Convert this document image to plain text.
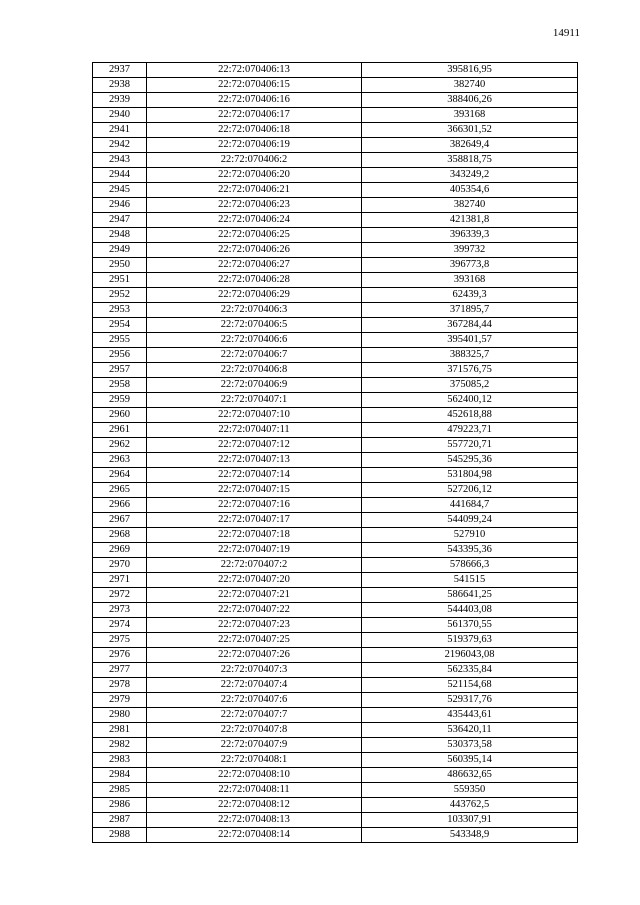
14911
2937	22:72:070406:13	395816,95
2938	22:72:070406:15	382740
2939	22:72:070406:16	388406,26
2940	22:72:070406:17	393168
2941	22:72:070406:18	366301,52
2942	22:72:070406:19	382649,4
2943	22:72:070406:2	358818,75
2944	22:72:070406:20	343249,2
2945	22:72:070406:21	405354,6
2946	22:72:070406:23	382740
2947	22:72:070406:24	421381,8
2948	22:72:070406:25	396339,3
2949	22:72:070406:26	399732
2950	22:72:070406:27	396773,8
2951	22:72:070406:28	393168
2952	22:72:070406:29	62439,3
2953	22:72:070406:3	371895,7
2954	22:72:070406:5	367284,44
2955	22:72:070406:6	395401,57
2956	22:72:070406:7	388325,7
2957	22:72:070406:8	371576,75
2958	22:72:070406:9	375085,2
2959	22:72:070407:1	562400,12
2960	22:72:070407:10	452618,88
2961	22:72:070407:11	479223,71
2962	22:72:070407:12	557720,71
2963	22:72:070407:13	545295,36
2964	22:72:070407:14	531804,98
2965	22:72:070407:15	527206,12
2966	22:72:070407:16	441684,7
2967	22:72:070407:17	544099,24
2968	22:72:070407:18	527910
2969	22:72:070407:19	543395,36
2970	22:72:070407:2	578666,3
2971	22:72:070407:20	541515
2972	22:72:070407:21	586641,25
2973	22:72:070407:22	544403,08
2974	22:72:070407:23	561370,55
2975	22:72:070407:25	519379,63
2976	22:72:070407:26	2196043,08
2977	22:72:070407:3	562335,84
2978	22:72:070407:4	521154,68
2979	22:72:070407:6	529317,76
2980	22:72:070407:7	435443,61
2981	22:72:070407:8	536420,11
2982	22:72:070407:9	530373,58
2983	22:72:070408:1	560395,14
2984	22:72:070408:10	486632,65
2985	22:72:070408:11	559350
2986	22:72:070408:12	443762,5
2987	22:72:070408:13	103307,91
2988	22:72:070408:14	543348,9
